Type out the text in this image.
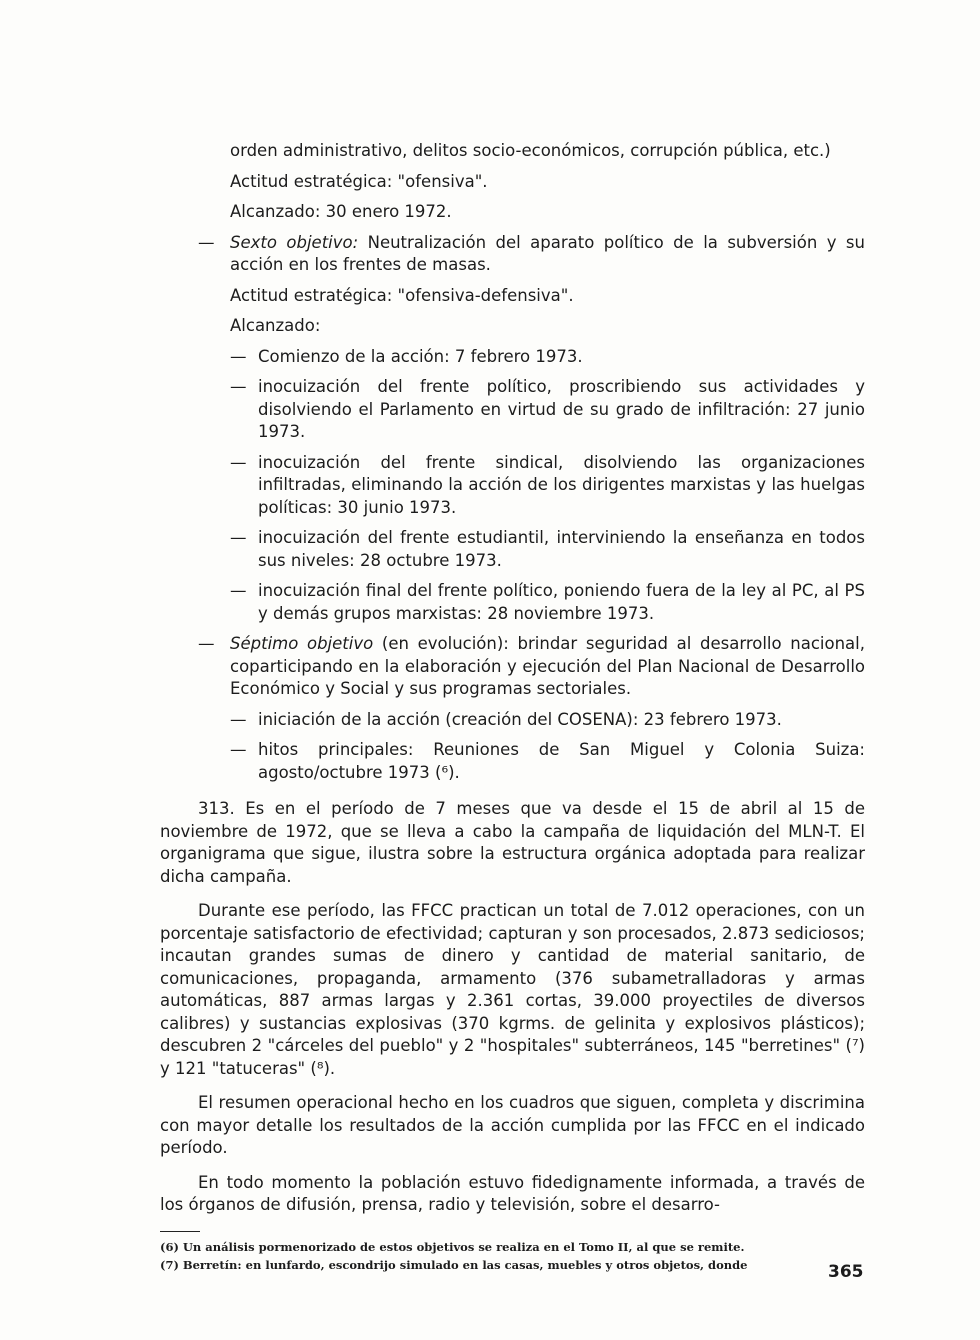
orden administrativo, delitos socio-económicos, corrupción pública, etc.)

Actitud estratégica: "ofensiva".

Alcanzado: 30 enero 1972.

— Sexto objetivo: Neutralización del aparato político de la subversión y su acción en los frentes de masas.

Actitud estratégica: "ofensiva-defensiva".

Alcanzado:

— Comienzo de la acción: 7 febrero 1973.
— inocuización del frente político, proscribiendo sus actividades y disolviendo el Parlamento en virtud de su grado de infiltración: 27 junio 1973.
— inocuización del frente sindical, disolviendo las organizaciones infiltradas, eliminando la acción de los dirigentes marxistas y las huelgas políticas: 30 junio 1973.
— inocuización del frente estudiantil, interviniendo la enseñanza en todos sus niveles: 28 octubre 1973.
— inocuización final del frente político, poniendo fuera de la ley al PC, al PS y demás grupos marxistas: 28 noviembre 1973.
— Séptimo objetivo (en evolución): brindar seguridad al desarrollo nacional, coparticipando en la elaboración y ejecución del Plan Nacional de Desarrollo Económico y Social y sus programas sectoriales.
— iniciación de la acción (creación del COSENA): 23 febrero 1973.
— hitos principales: Reuniones de San Miguel y Colonia Suiza: agosto/octubre 1973 (⁶).

313. Es en el período de 7 meses que va desde el 15 de abril al 15 de noviembre de 1972, que se lleva a cabo la campaña de liquidación del MLN-T. El organigrama que sigue, ilustra sobre la estructura orgánica adoptada para realizar dicha campaña.

Durante ese período, las FFCC practican un total de 7.012 operaciones, con un porcentaje satisfactorio de efectividad; capturan y son procesados, 2.873 sediciosos; incautan grandes sumas de dinero y cantidad de material sanitario, de comunicaciones, propaganda, armamento (376 subametralladoras y armas automáticas, 887 armas largas y 2.361 cortas, 39.000 proyectiles de diversos calibres) y sustancias explosivas (370 kgrms. de gelinita y explosivos plásticos); descubren 2 "cárceles del pueblo" y 2 "hospitales" subterráneos, 145 "berretines" (⁷) y 121 "tatuceras" (⁸).

El resumen operacional hecho en los cuadros que siguen, completa y discrimina con mayor detalle los resultados de la acción cumplida por las FFCC en el indicado período.

En todo momento la población estuvo fidedignamente informada, a través de los órganos de difusión, prensa, radio y televisión, sobre el desarro-

(6) Un análisis pormenorizado de estos objetivos se realiza en el Tomo II, al que se remite.

(7) Berretín: en lunfardo, escondrijo simulado en las casas, muebles y otros objetos, donde	365
